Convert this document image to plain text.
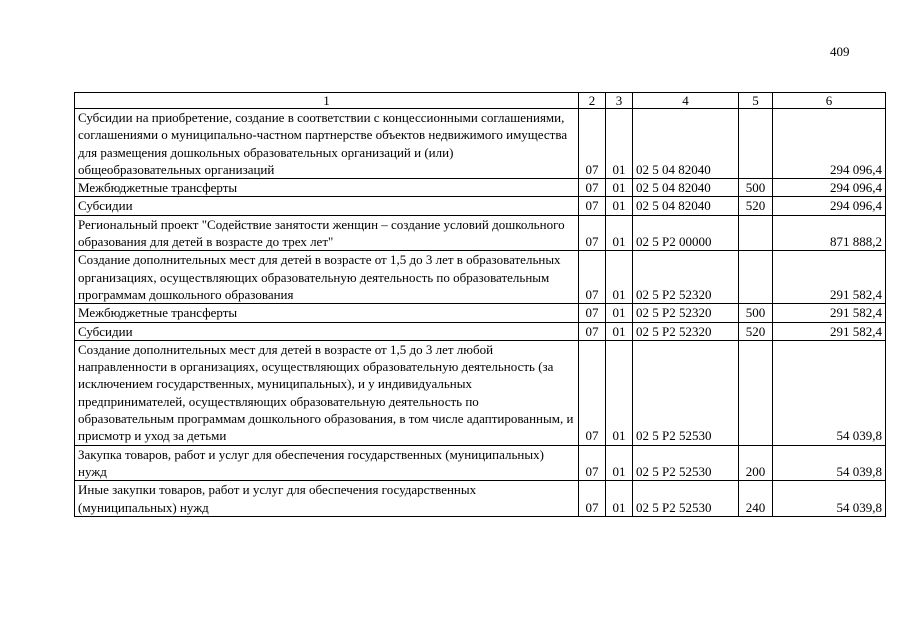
409
1	2	3	4	5	6
Субсидии на приобретение, создание в соответствии с концессионными соглашениями, соглашениями о муниципально-частном партнерстве объектов недвижимого имущества для размещения дошкольных образовательных организаций и (или) общеобразовательных организаций	07	01	02 5 04 82040		294 096,4
Межбюджетные трансферты	07	01	02 5 04 82040	500	294 096,4
Субсидии	07	01	02 5 04 82040	520	294 096,4
Региональный проект "Содействие занятости женщин – создание условий дошкольного образования для детей в возрасте до трех лет"	07	01	02 5 P2 00000		871 888,2
Создание дополнительных мест для детей в возрасте от 1,5 до 3 лет в образовательных организациях, осуществляющих образовательную деятельность по образовательным программам дошкольного образования	07	01	02 5 P2 52320		291 582,4
Межбюджетные трансферты	07	01	02 5 P2 52320	500	291 582,4
Субсидии	07	01	02 5 P2 52320	520	291 582,4
Создание дополнительных мест для детей в возрасте от 1,5 до 3 лет любой направленности в организациях, осуществляющих образовательную деятельность (за исключением государственных, муниципальных), и у индивидуальных предпринимателей, осуществляющих образовательную деятельность по образовательным программам дошкольного образования, в том числе адаптированным, и присмотр и уход за детьми	07	01	02 5 P2 52530		54 039,8
Закупка товаров, работ и услуг для обеспечения государственных (муниципальных) нужд	07	01	02 5 P2 52530	200	54 039,8
Иные закупки товаров, работ и услуг для обеспечения государственных (муниципальных) нужд	07	01	02 5 P2 52530	240	54 039,8
